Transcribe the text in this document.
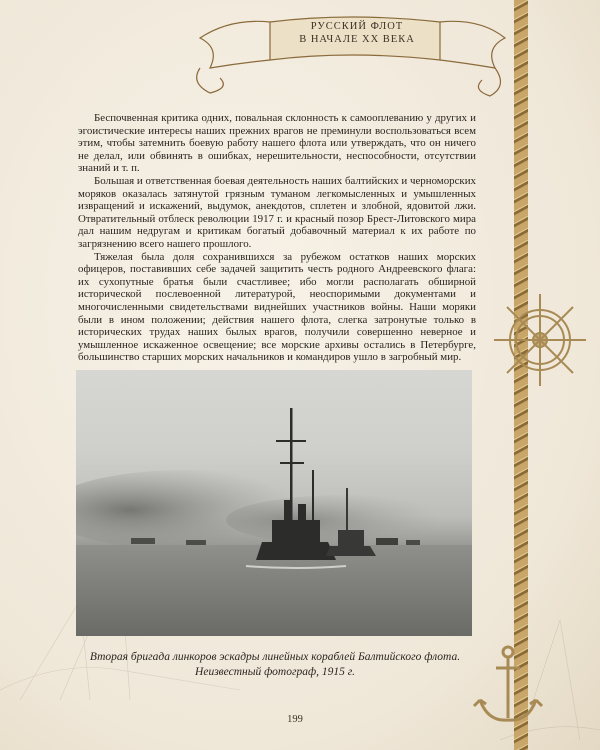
РУССКИЙ ФЛОТ
В НАЧАЛЕ XX ВЕКА

Беспочвенная критика одних, повальная склонность к самооплеванию у других и эгоистические интересы наших прежних врагов не преминули воспользоваться всем этим, чтобы затемнить боевую работу нашего флота или утверждать, что он ничего не делал, или обвинять в ошибках, нерешительности, неспособности, отсутствии знаний и т. п.

Большая и ответственная боевая деятельность наших балтийских и черноморских моряков оказалась затянутой грязным туманом легкомысленных и умышленных извращений и искажений, выдумок, анекдотов, сплетен и злобной, ядовитой лжи. Отвратительный отблеск революции 1917 г. и красный позор Брест-Литовского мира дал нашим недругам и критикам богатый добавочный материал к их работе по загрязнению всего нашего прошлого.

Тяжелая была доля сохранившихся за рубежом остатков наших морских офицеров, поставивших себе задачей защитить честь родного Андреевского флага: их сухопутные братья были счастливее; ибо могли располагать обширной исторической послевоенной литературой, неоспоримыми документами и многочисленными свидетельствами виднейших участников войны. Наши моряки были в ином положении; действия нашего флота, слегка затронутые только в исторических трудах наших былых врагов, получили совершенно неверное и умышленное искаженное освещение; все морские архивы остались в Петербурге, большинство старших морских начальников и командиров ушло в загробный мир.

Вторая бригада линкоров эскадры линейных кораблей Балтийского флота.
Неизвестный фотограф, 1915 г.
199
